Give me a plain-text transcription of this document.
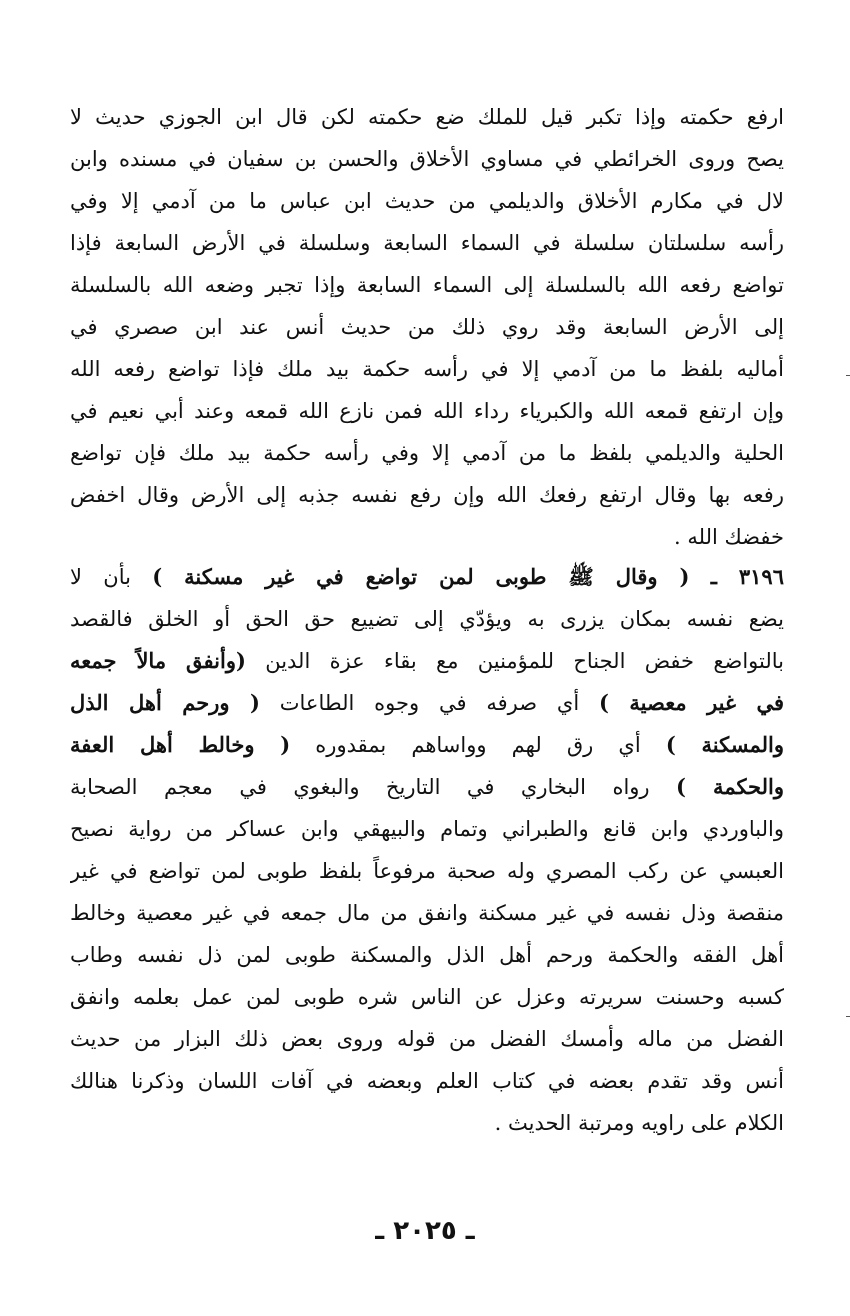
ارفع حكمته وإذا تكبر قيل للملك ضع حكمته لكن قال ابن الجوزي حديث لا
يصح وروى الخرائطي في مساوي الأخلاق والحسن بن سفيان في مسنده وابن
لال في مكارم الأخلاق والديلمي من حديث ابن عباس ما من آدمي إلا وفي
رأسه سلسلتان سلسلة في السماء السابعة وسلسلة في الأرض السابعة فإذا
تواضع رفعه الله بالسلسلة إلى السماء السابعة وإذا تجبر وضعه الله بالسلسلة
إلى الأرض السابعة وقد روي ذلك من حديث أنس عند ابن صصري في
أماليه بلفظ ما من آدمي إلا في رأسه حكمة بيد ملك فإذا تواضع رفعه الله
وإن ارتفع قمعه الله والكبرياء رداء الله فمن نازع الله قمعه وعند أبي نعيم في
الحلية والديلمي بلفظ ما من آدمي إلا وفي رأسه حكمة بيد ملك فإن تواضع
رفعه بها وقال ارتفع رفعك الله وإن رفع نفسه جذبه إلى الأرض وقال اخفض
خفضك الله .
٣١٩٦ ـ ( وقال ﷺ طوبى لمن تواضع في غير مسكنة ) بأن لا
يضع نفسه بمكان يزرى به ويؤدّي إلى تضييع حق الحق أو الخلق فالقصد
بالتواضع خفض الجناح للمؤمنين مع بقاء عزة الدين (وأنفق مالاً جمعه
في غير معصية ) أي صرفه في وجوه الطاعات ( ورحم أهل الذل
والمسكنة ) أي رق لهم وواساهم بمقدوره ( وخالط أهل العفة
والحكمة ) رواه البخاري في التاريخ والبغوي في معجم الصحابة
والباوردي وابن قانع والطبراني وتمام والبيهقي وابن عساكر من رواية نصيح
العبسي عن ركب المصري وله صحبة مرفوعاً بلفظ طوبى لمن تواضع في غير
منقصة وذل نفسه في غير مسكنة وانفق من مال جمعه في غير معصية وخالط
أهل الفقه والحكمة ورحم أهل الذل والمسكنة طوبى لمن ذل نفسه وطاب
كسبه وحسنت سريرته وعزل عن الناس شره طوبى لمن عمل بعلمه وانفق
الفضل من ماله وأمسك الفضل من قوله وروى بعض ذلك البزار من حديث
أنس وقد تقدم بعضه في كتاب العلم وبعضه في آفات اللسان وذكرنا هنالك
الكلام على راويه ومرتبة الحديث .
ـ ٢٠٢٥ ـ
